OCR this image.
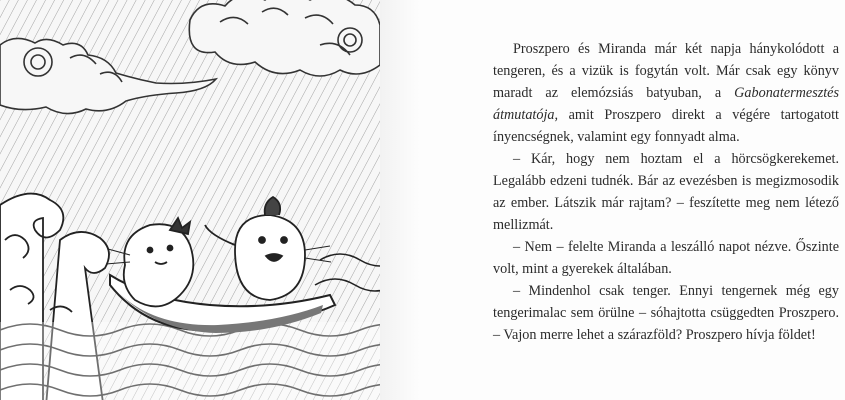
Proszpero és Miranda már két napja hánykolódott a tengeren, és a vizük is fogytán volt. Már csak egy könyv maradt az elemózsiás batyuban, a Gabonatermesztés átmutatója, amit Proszpero direkt a végére tartogatott ínyencségnek, valamint egy fonnyadt alma.

– Kár, hogy nem hoztam el a hörcsögkerekemet. Legalább edzeni tudnék. Bár az evezésben is megizmosodik az ember. Látszik már rajtam? – feszítette meg nem létező mellizmát.

– Nem – felelte Miranda a leszálló napot nézve. Őszinte volt, mint a gyerekek általában.

– Mindenhol csak tenger. Ennyi tengernek még egy tengerimalac sem örülne – sóhajtotta csüggedten Proszpero. – Vajon merre lehet a szárazföld? Proszpero hívja földet!
